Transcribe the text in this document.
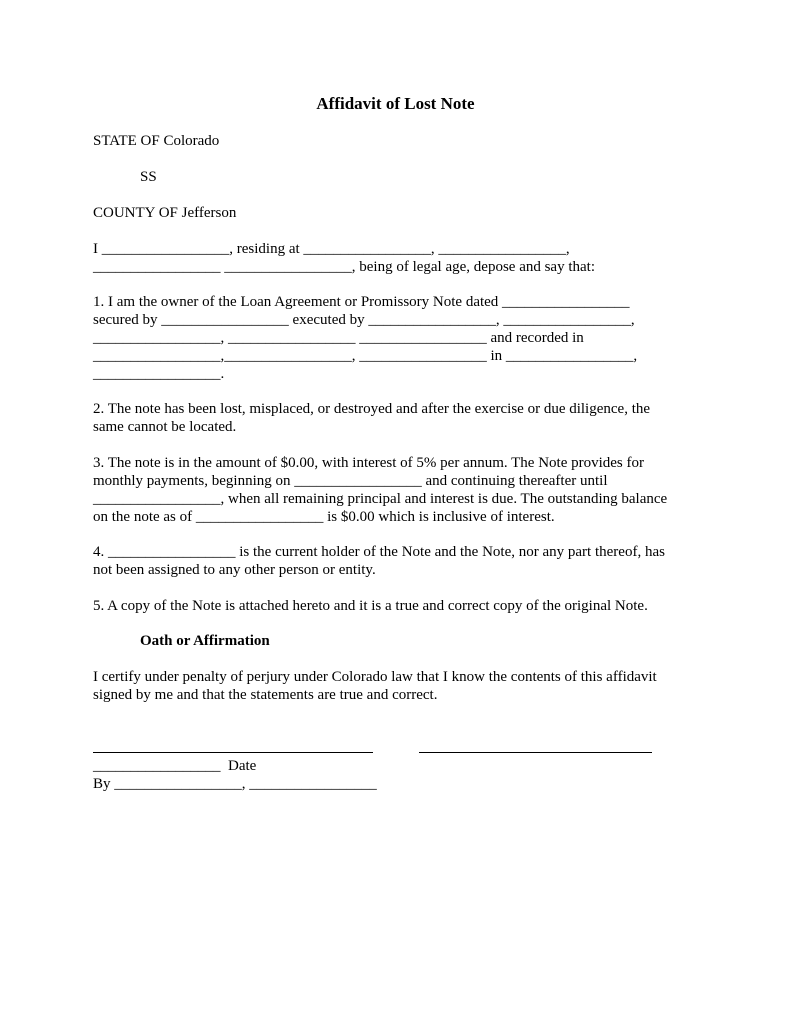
Affidavit of Lost Note
STATE OF Colorado
SS
COUNTY OF Jefferson
I _________________, residing at _________________, _________________,
_________________ _________________, being of legal age, depose and say that:
1. I am the owner of the Loan Agreement or Promissory Note dated _________________
secured by _________________ executed by _________________, _________________,
_________________, _________________ _________________ and recorded in
_________________,_________________, _________________ in _________________,
_________________.
2. The note has been lost, misplaced, or destroyed and after the exercise or due diligence, the
same cannot be located.
3. The note is in the amount of $0.00, with interest of 5% per annum. The Note provides for
monthly payments, beginning on _________________ and continuing thereafter until
_________________, when all remaining principal and interest is due. The outstanding balance
on the note as of _________________ is $0.00 which is inclusive of interest.
4. _________________ is the current holder of the Note and the Note, nor any part thereof, has
not been assigned to any other person or entity.
5. A copy of the Note is attached hereto and it is a true and correct copy of the original Note.
Oath or Affirmation
I certify under penalty of perjury under Colorado law that I know the contents of this affidavit
signed by me and that the statements are true and correct.
_________________  Date
By _________________, _________________
